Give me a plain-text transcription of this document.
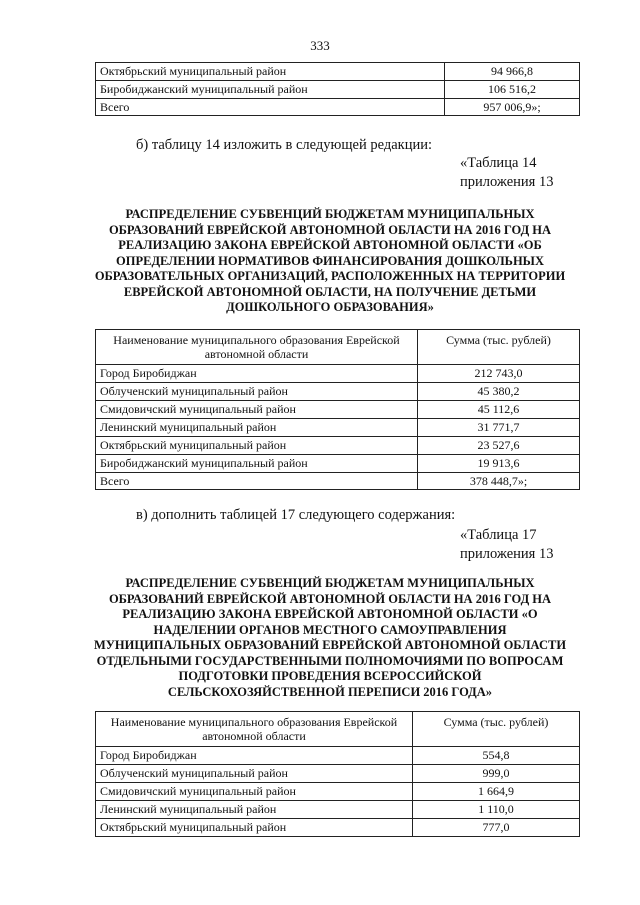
333
Октябрьский муниципальный район	94 966,8
Биробиджанский муниципальный район	106 516,2
Всего	957 006,9»;
б) таблицу 14 изложить в следующей редакции:
«Таблица 14
приложения 13
РАСПРЕДЕЛЕНИЕ СУБВЕНЦИЙ БЮДЖЕТАМ МУНИЦИПАЛЬНЫХ
ОБРАЗОВАНИЙ ЕВРЕЙСКОЙ АВТОНОМНОЙ ОБЛАСТИ НА 2016 ГОД НА
РЕАЛИЗАЦИЮ ЗАКОНА ЕВРЕЙСКОЙ АВТОНОМНОЙ ОБЛАСТИ «ОБ
ОПРЕДЕЛЕНИИ НОРМАТИВОВ ФИНАНСИРОВАНИЯ ДОШКОЛЬНЫХ
ОБРАЗОВАТЕЛЬНЫХ ОРГАНИЗАЦИЙ, РАСПОЛОЖЕННЫХ НА ТЕРРИТОРИИ
ЕВРЕЙСКОЙ АВТОНОМНОЙ ОБЛАСТИ, НА ПОЛУЧЕНИЕ ДЕТЬМИ
ДОШКОЛЬНОГО ОБРАЗОВАНИЯ»
Наименование муниципального образования Еврейской автономной области	Сумма (тыс. рублей)
Город Биробиджан	212 743,0
Облученский муниципальный район	45 380,2
Смидовичский муниципальный район	45 112,6
Ленинский муниципальный район	31 771,7
Октябрьский муниципальный район	23 527,6
Биробиджанский муниципальный район	19 913,6
Всего	378 448,7»;
в) дополнить таблицей 17 следующего содержания:
«Таблица 17
приложения 13
РАСПРЕДЕЛЕНИЕ СУБВЕНЦИЙ БЮДЖЕТАМ МУНИЦИПАЛЬНЫХ
ОБРАЗОВАНИЙ ЕВРЕЙСКОЙ АВТОНОМНОЙ ОБЛАСТИ НА 2016 ГОД НА
РЕАЛИЗАЦИЮ ЗАКОНА ЕВРЕЙСКОЙ АВТОНОМНОЙ ОБЛАСТИ «О
НАДЕЛЕНИИ ОРГАНОВ МЕСТНОГО САМОУПРАВЛЕНИЯ
МУНИЦИПАЛЬНЫХ ОБРАЗОВАНИЙ ЕВРЕЙСКОЙ АВТОНОМНОЙ ОБЛАСТИ
ОТДЕЛЬНЫМИ ГОСУДАРСТВЕННЫМИ ПОЛНОМОЧИЯМИ ПО ВОПРОСАМ
ПОДГОТОВКИ ПРОВЕДЕНИЯ ВСЕРОССИЙСКОЙ
СЕЛЬСКОХОЗЯЙСТВЕННОЙ ПЕРЕПИСИ 2016 ГОДА»
Наименование муниципального образования Еврейской автономной области	Сумма (тыс. рублей)
Город Биробиджан	554,8
Облученский муниципальный район	999,0
Смидовичский муниципальный район	1 664,9
Ленинский муниципальный район	1 110,0
Октябрьский муниципальный район	777,0
